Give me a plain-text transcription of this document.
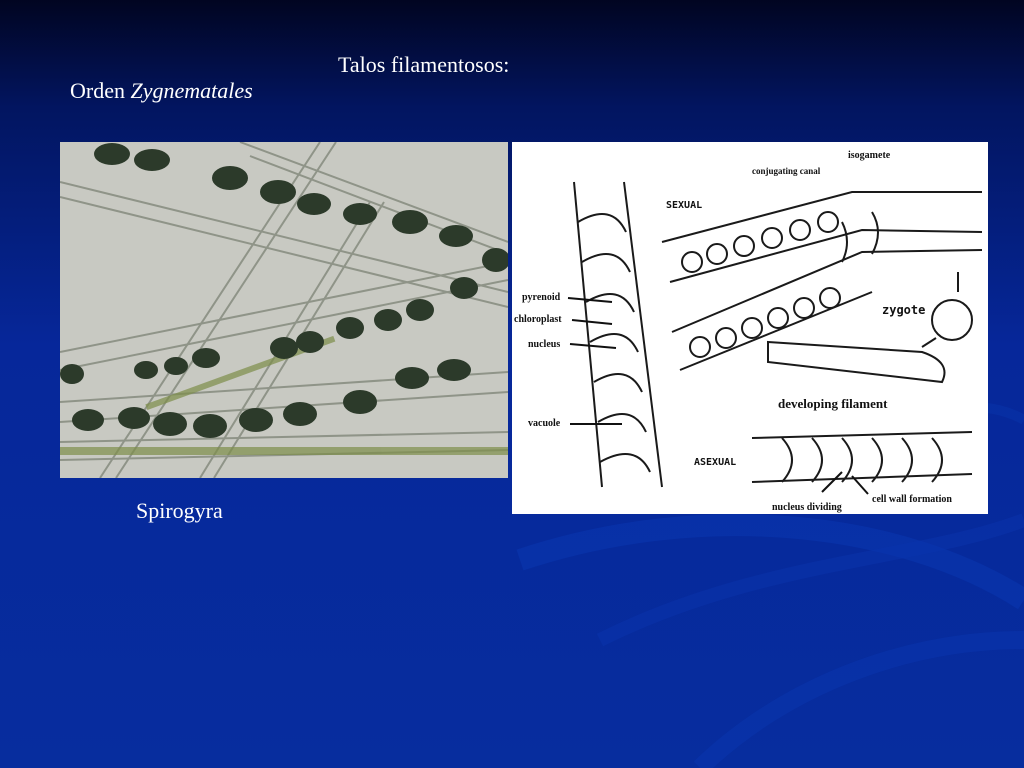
Talos filamentosos:
Orden Zygnematales
isogamete
conjugating canal
SEXUAL
pyrenoid
chloroplast
nucleus
vacuole
zygote
developing filament
ASEXUAL
nucleus dividing
cell wall formation

Spirogyra
